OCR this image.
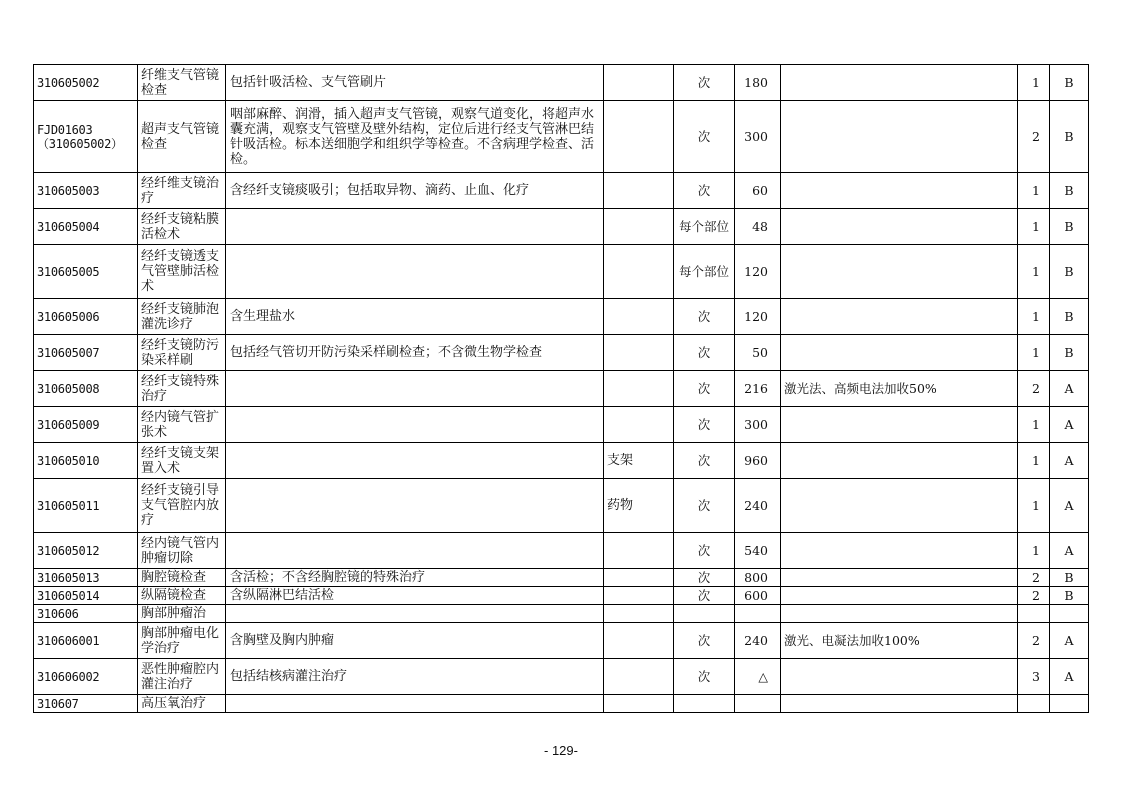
310605002	纤维支气管镜检查	包括针吸活检、支气管刷片		次	180		1	B
FJD01603
（310605002）	超声支气管镜检查	咽部麻醉、润滑，插入超声支气管镜，观察气道变化，将超声水囊充满，观察支气管壁及壁外结构，定位后进行经支气管淋巴结针吸活检。标本送细胞学和组织学等检查。不含病理学检查、活检。		次	300		2	B
310605003	经纤维支镜治疗	含经纤支镜痰吸引；包括取异物、滴药、止血、化疗		次	60		1	B
310605004	经纤支镜粘膜活检术			每个部位	48		1	B
310605005	经纤支镜透支气管壁肺活检术			每个部位	120		1	B
310605006	经纤支镜肺泡灌洗诊疗	含生理盐水		次	120		1	B
310605007	经纤支镜防污染采样刷	包括经气管切开防污染采样刷检查；不含微生物学检查		次	50		1	B
310605008	经纤支镜特殊治疗			次	216	激光法、高频电法加收50%	2	A
310605009	经内镜气管扩张术			次	300		1	A
310605010	经纤支镜支架置入术		支架	次	960		1	A
310605011	经纤支镜引导支气管腔内放疗		药物	次	240		1	A
310605012	经内镜气管内肿瘤切除			次	540		1	A
310605013	胸腔镜检查	含活检；不含经胸腔镜的特殊治疗		次	800		2	B
310605014	纵隔镜检查	含纵隔淋巴结活检		次	600		2	B
310606	胸部肿瘤治							
310606001	胸部肿瘤电化学治疗	含胸壁及胸内肿瘤		次	240	激光、电凝法加收100%	2	A
310606002	恶性肿瘤腔内灌注治疗	包括结核病灌注治疗		次	△		3	A
310607	高压氧治疗							
- 129-
